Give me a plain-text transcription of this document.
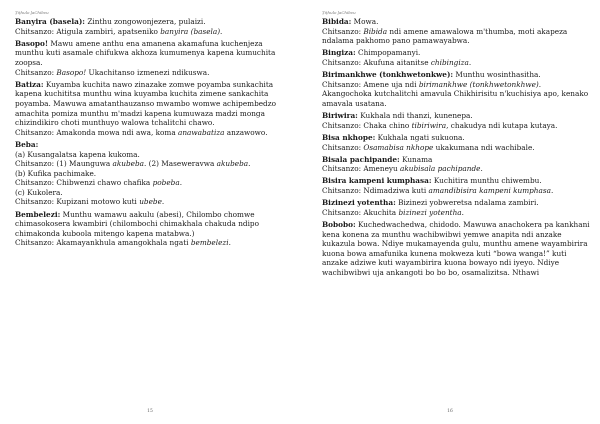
Ṯiṯhulo ḽaChibvu

Banyira (basela): Zinthu zongowonjezera, pulaizi.

Chitsanzo: Atigula zambiri, apatseniko banyira (basela).

Basopo! Mawu amene anthu ena amanena akamafuna kuchenjeza munthu kuti asamale chifukwa akhoza kumumenya kapena kumuchita zoopsa.

Chitsanzo: Basopo! Ukachitanso izmenezi ndikuswa.

Batiza: Kuyamba kuchita nawo zinazake zomwe poyamba sunkachita kapena kuchititsa munthu wina kuyamba kuchita zimene sankachita poyamba. Mawuwa amatanthauzanso mwambo womwe achipembedzo amachita pomiza munthu m'madzi kapena kumuwaza madzi monga chizindikiro choti munthuyo walowa tchalitchi chawo.

Chitsanzo: Amakonda mowa ndi awa, koma anawabatiza anzawowo.

Beba:

(a) Kusangalatsa kapena kukoma.

Chitsanzo: (1) Maunguwa akubeba. (2) Maseweravwa akubeba.

(b) Kufika pachimake.

Chitsanzo: Chibwenzi chawo chafika pobeba.

(c) Kukolera.

Chitsanzo: Kupizani motowo kuti ubebe.

Bembelezi: Munthu wamawu aakulu (abesi), Chilombo chomwe chimasokosera kwambiri (chilombochi chimakhala chakuda ndipo chimakonda kuboola mitengo kapena matabwa.)

Chitsanzo: Akamayankhula amangokhala ngati bembelezi.

15
Ṯiṯhulo ḽaChibvu

Bibida: Mowa.

Chitsanzo: Bibida ndi amene amawalowa m'thumba, moti akapeza ndalama pakhomo pano pamawayabwa.

Bingiza: Chimpopamanyi.

Chitsanzo: Akufuna aitanitse chibingiza.

Birimankhwe (tonkhwetonkwe): Munthu wosinthasitha.

Chitsanzo: Amene uja ndi birimankhwe (tonkhwetonkhwe). Akangochoka kutchalitchi amavula Chikhirisitu n'kuchisiya apo, kenako amavala usatana.

Biriwira: Kukhala ndi thanzi, kunenepa.

Chitsanzo: Chaka chino tibiriwira, chakudya ndi kutapa kutaya.

Bisa nkhope: Kukhala ngati sukuona.

Chitsanzo: Osamabisa nkhope ukakumana ndi wachibale.

Bisala pachipande: Kunama

Chitsanzo: Ameneyu akubisala pachipande.

Bisira kampeni kumphasa: Kuchitira munthu chiwembu.

Chitsanzo: Ndimadziwa kuti amandibisira kampeni kumphasa.

Bizinezi yotentha: Bizinezi yobweretsa ndalama zambiri.

Chitsanzo: Akuchita bizinezi yotentha.

Bobobo: Kuchedwachedwa, chidodo. Mawuwa anachokera pa kankhani kena konena za munthu wachibwibwi yemwe anapita ndi anzake kukazula bowa. Ndiye mukamayenda gulu, munthu amene wayambirira kuona bowa amafunika kunena mokweza kuti “bowa wanga!” kuti anzake adziwe kuti wayambirira kuona bowayo ndi iyeyo. Ndiye wachibwibwi uja ankangoti bo bo bo, osamalizitsa. Nthawi

16
